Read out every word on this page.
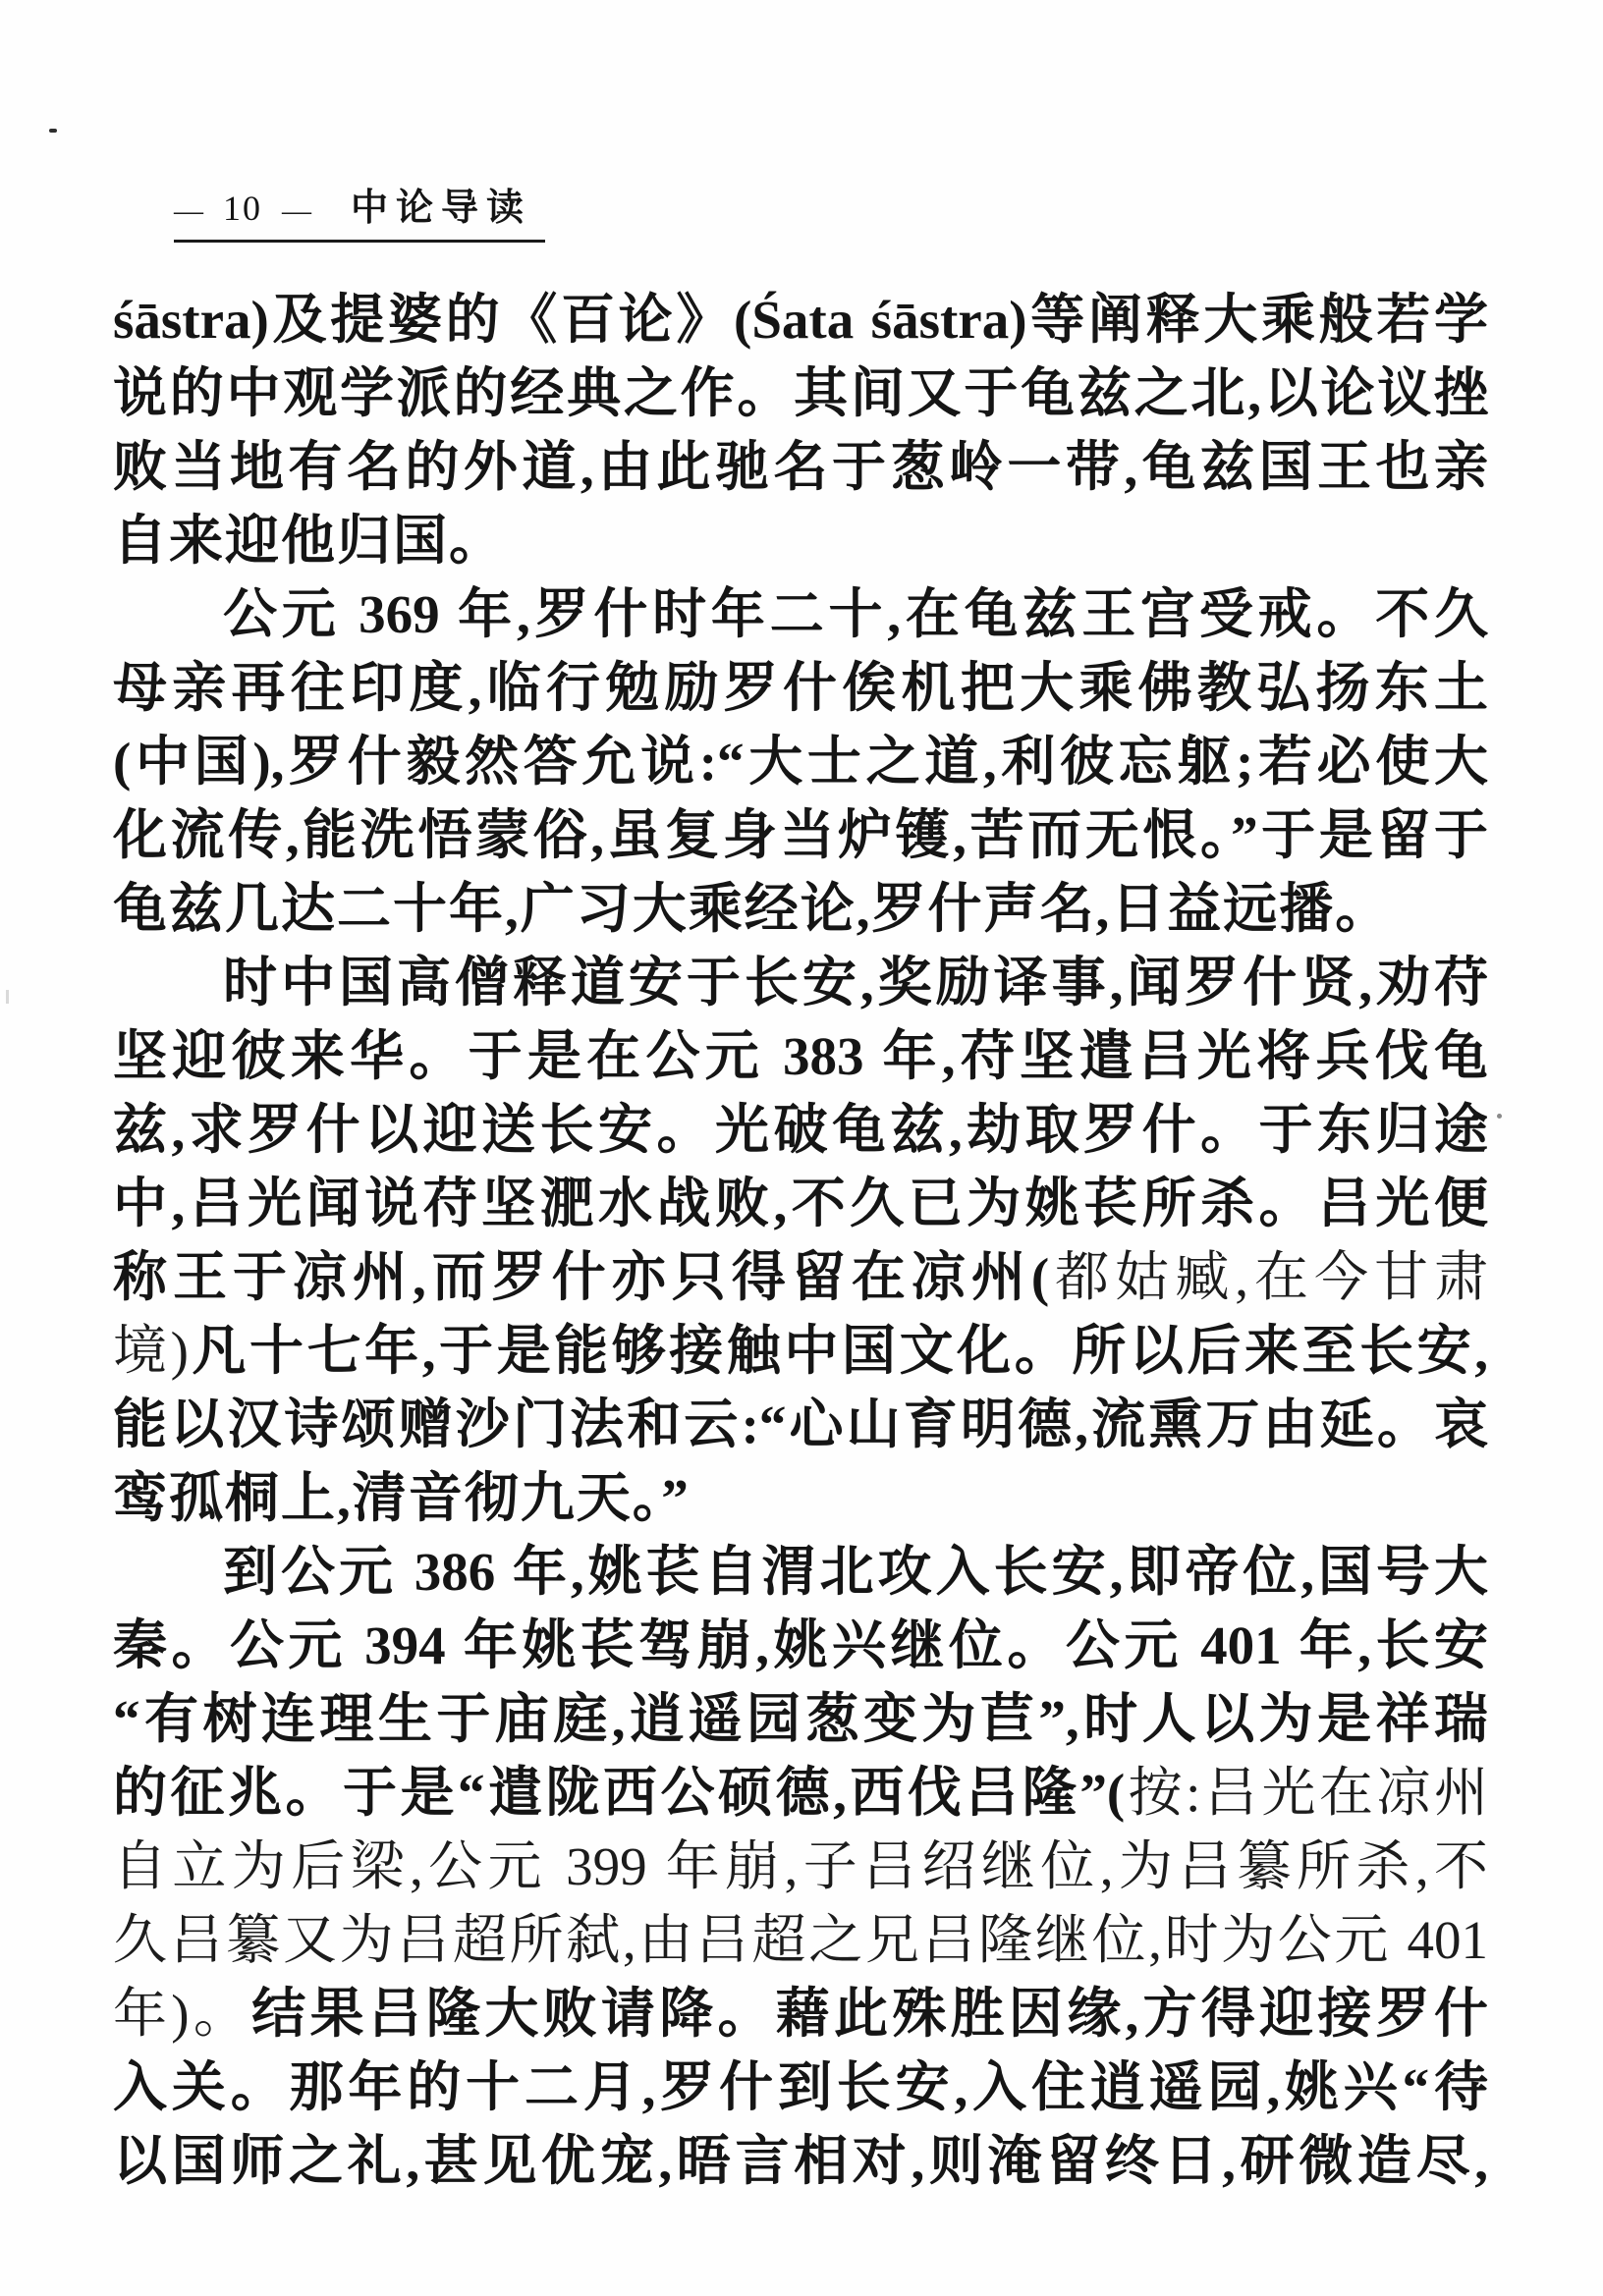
— 10 — 中论导读
śāstra)及提婆的《百论》(Śata śāstra)等阐释大乘般若学
说的中观学派的经典之作。其间又于龟兹之北,以论议挫
败当地有名的外道,由此驰名于葱岭一带,龟兹国王也亲
自来迎他归国。
公元 369 年,罗什时年二十,在龟兹王宫受戒。不久
母亲再往印度,临行勉励罗什俟机把大乘佛教弘扬东土
(中国),罗什毅然答允说:“大士之道,利彼忘躯;若必使大
化流传,能洗悟蒙俗,虽复身当炉镬,苦而无恨。”于是留于
龟兹几达二十年,广习大乘经论,罗什声名,日益远播。
时中国高僧释道安于长安,奖励译事,闻罗什贤,劝苻
坚迎彼来华。于是在公元 383 年,苻坚遣吕光将兵伐龟
兹,求罗什以迎送长安。光破龟兹,劫取罗什。于东归途
中,吕光闻说苻坚淝水战败,不久已为姚苌所杀。吕光便
称王于凉州,而罗什亦只得留在凉州(都姑臧,在今甘肃
境)凡十七年,于是能够接触中国文化。所以后来至长安,
能以汉诗颂赠沙门法和云:“心山育明德,流熏万由延。哀
鸾孤桐上,清音彻九天。”
到公元 386 年,姚苌自渭北攻入长安,即帝位,国号大
秦。公元 394 年姚苌驾崩,姚兴继位。公元 401 年,长安
“有树连理生于庙庭,逍遥园葱变为苣”,时人以为是祥瑞
的征兆。于是“遣陇西公硕德,西伐吕隆”(按:吕光在凉州
自立为后梁,公元 399 年崩,子吕绍继位,为吕纂所杀,不
久吕纂又为吕超所弑,由吕超之兄吕隆继位,时为公元 401
年)。结果吕隆大败请降。藉此殊胜因缘,方得迎接罗什
入关。那年的十二月,罗什到长安,入住逍遥园,姚兴“待
以国师之礼,甚见优宠,晤言相对,则淹留终日,研微造尽,
